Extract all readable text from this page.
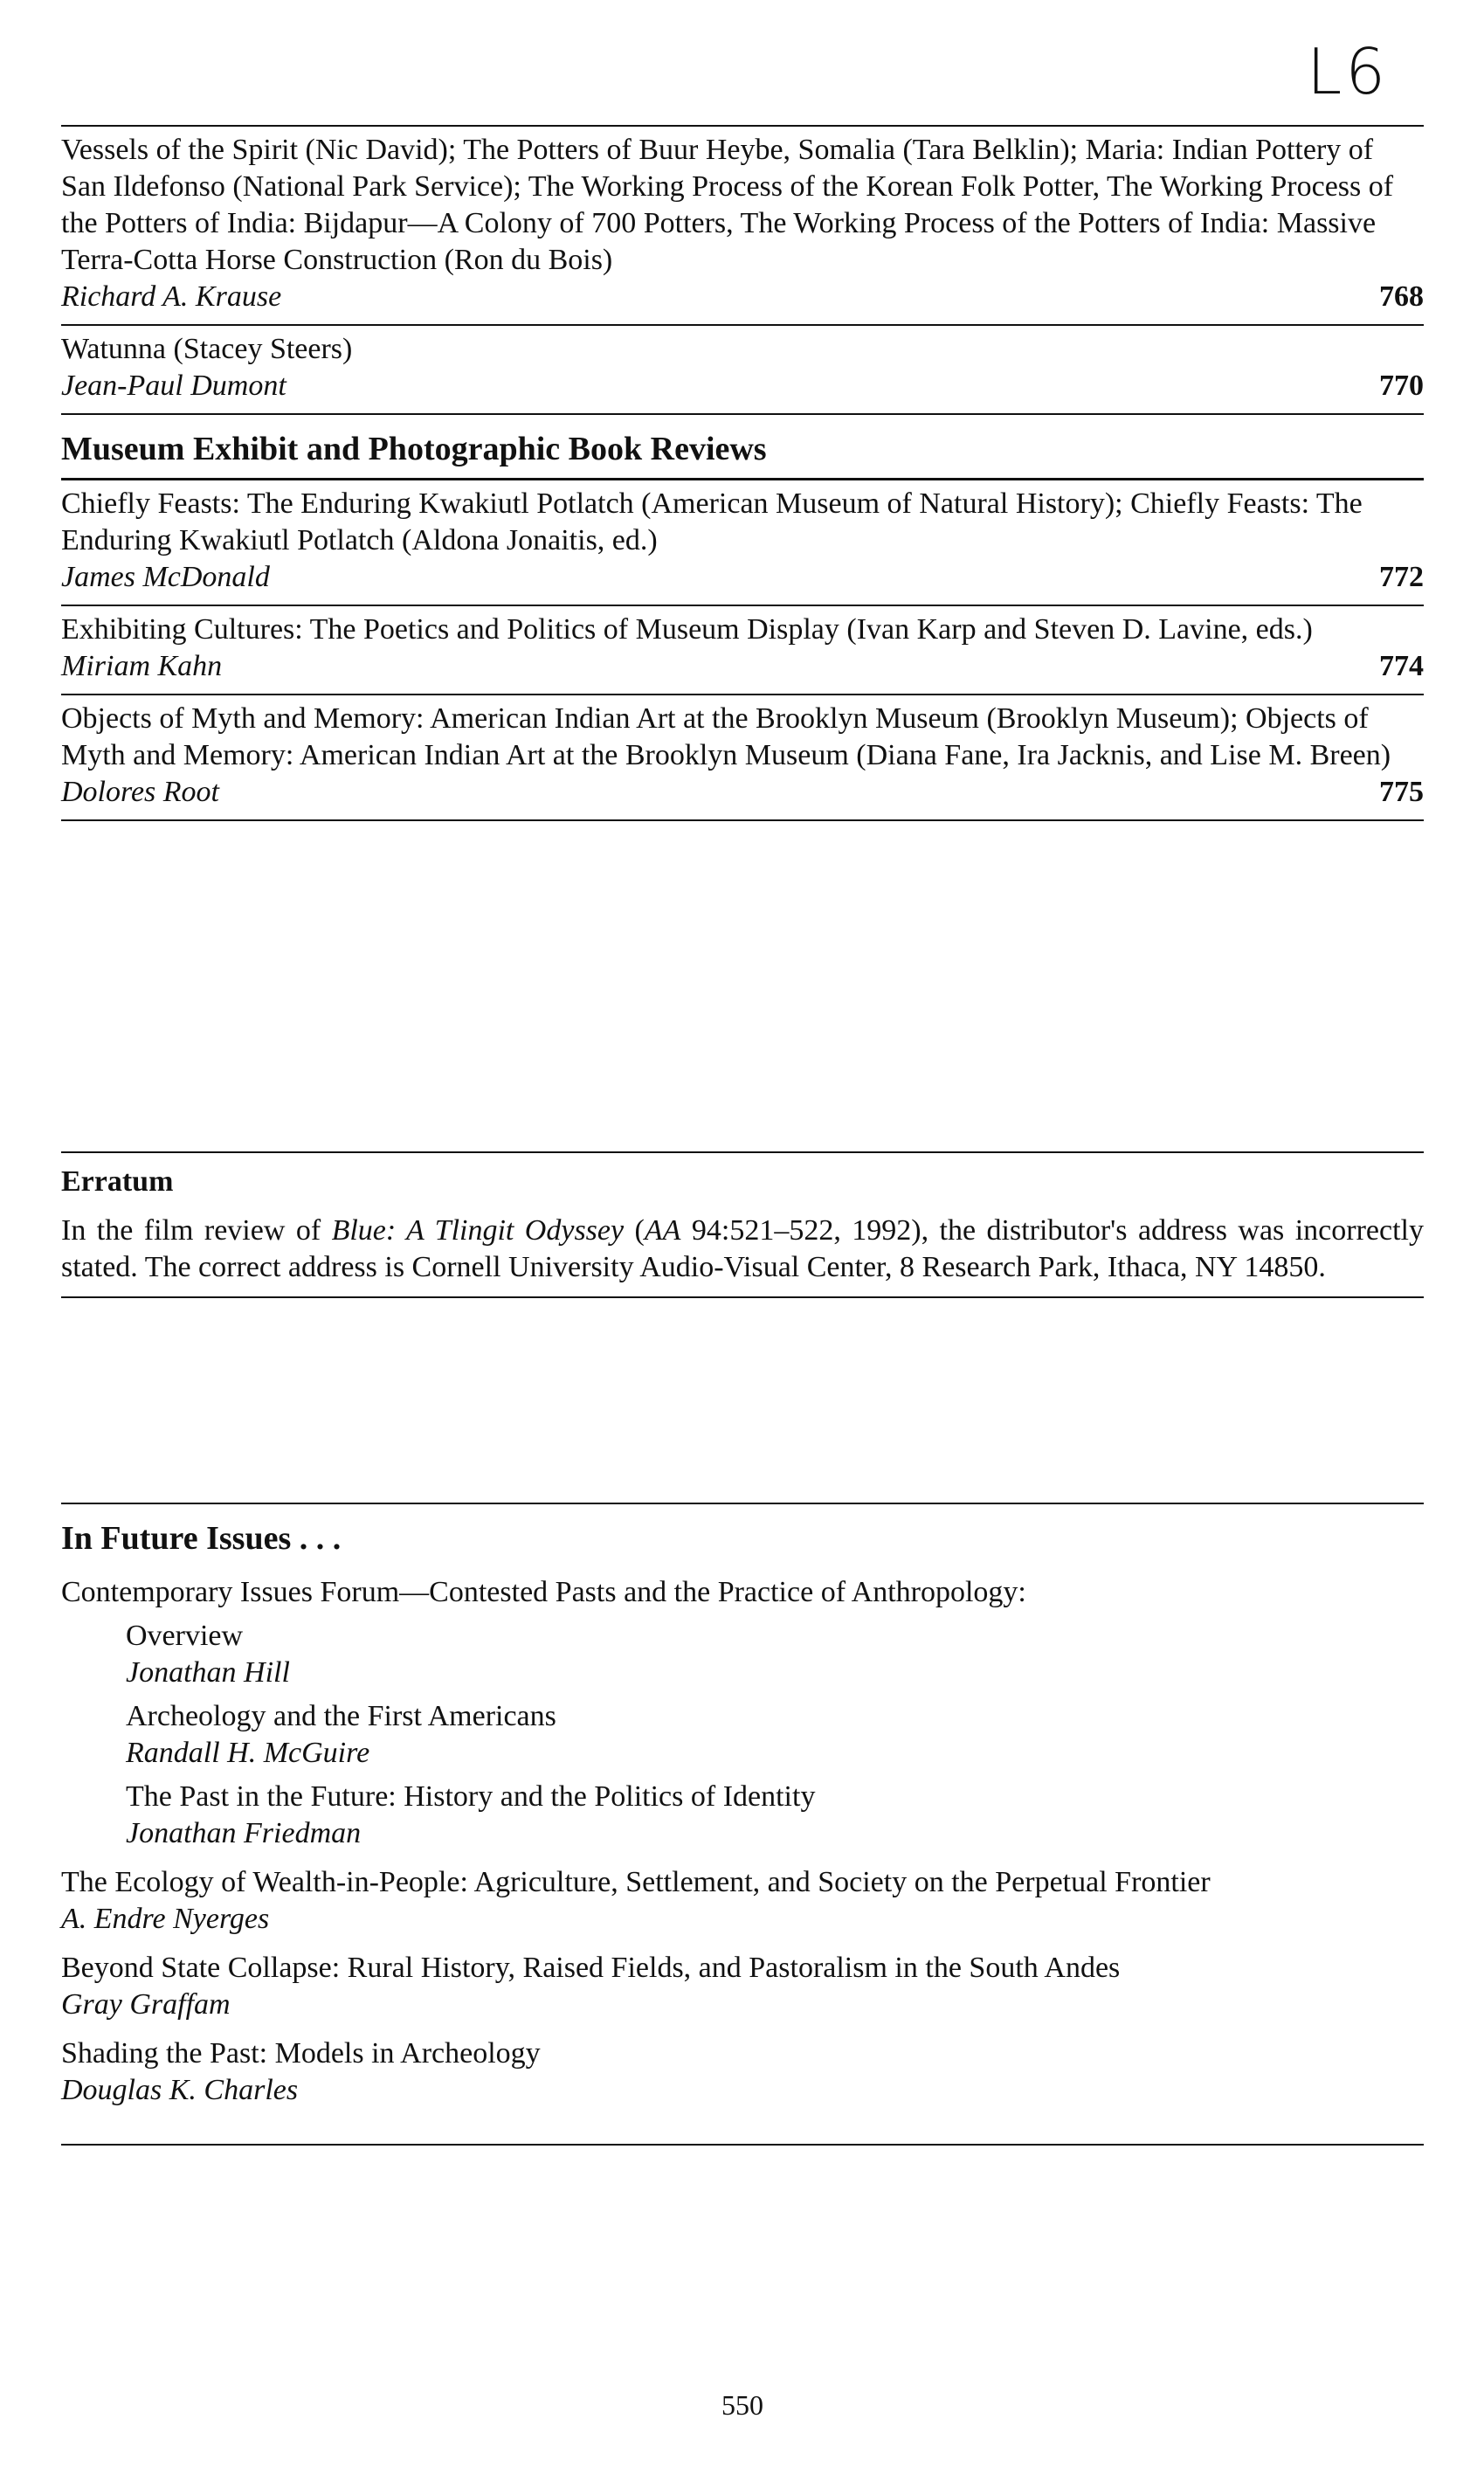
L6
Vessels of the Spirit (Nic David); The Potters of Buur Heybe, Somalia (Tara Belklin); Maria: Indian Pottery of San Ildefonso (National Park Service); The Working Process of the Korean Folk Potter, The Working Process of the Potters of India: Bijdapur—A Colony of 700 Potters, The Working Process of the Potters of India: Massive Terra-Cotta Horse Construction (Ron du Bois)
Richard A. Krause	768
Watunna (Stacey Steers)
Jean-Paul Dumont	770
Museum Exhibit and Photographic Book Reviews
Chiefly Feasts: The Enduring Kwakiutl Potlatch (American Museum of Natural History); Chiefly Feasts: The Enduring Kwakiutl Potlatch (Aldona Jonaitis, ed.)
James McDonald	772
Exhibiting Cultures: The Poetics and Politics of Museum Display (Ivan Karp and Steven D. Lavine, eds.)
Miriam Kahn	774
Objects of Myth and Memory: American Indian Art at the Brooklyn Museum (Brooklyn Museum); Objects of Myth and Memory: American Indian Art at the Brooklyn Museum (Diana Fane, Ira Jacknis, and Lise M. Breen)
Dolores Root	775
Erratum
In the film review of Blue: A Tlingit Odyssey (AA 94:521–522, 1992), the distributor's address was incorrectly stated. The correct address is Cornell University Audio-Visual Center, 8 Research Park, Ithaca, NY 14850.
In Future Issues . . .
Contemporary Issues Forum—Contested Pasts and the Practice of Anthropology:
Overview
Jonathan Hill
Archeology and the First Americans
Randall H. McGuire
The Past in the Future: History and the Politics of Identity
Jonathan Friedman
The Ecology of Wealth-in-People: Agriculture, Settlement, and Society on the Perpetual Frontier
A. Endre Nyerges
Beyond State Collapse: Rural History, Raised Fields, and Pastoralism in the South Andes
Gray Graffam
Shading the Past: Models in Archeology
Douglas K. Charles
550
